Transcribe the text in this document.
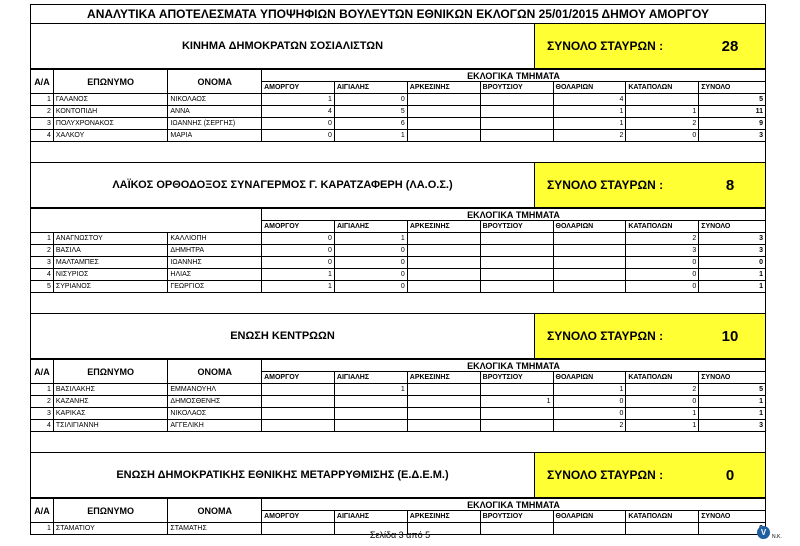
ΑΝΑΛΥΤΙΚΑ ΑΠΟΤΕΛΕΣΜΑΤΑ ΥΠΟΨΗΦΙΩΝ ΒΟΥΛΕΥΤΩΝ ΕΘΝΙΚΩΝ ΕΚΛΟΓΩΝ 25/01/2015 ΔΗΜΟΥ ΑΜΟΡΓΟΥ
ΚΙΝΗΜΑ ΔΗΜΟΚΡΑΤΩΝ ΣΟΣΙΑΛΙΣΤΩΝ	ΣΥΝΟΛΟ ΣΤΑΥΡΩΝ :	28
Α/Α	ΕΠΩΝΥΜΟ	ΟΝΟΜΑ	ΕΚΛΟΓΙΚΑ ΤΜΗΜΑΤΑ						
			ΑΜΟΡΓΟΥ	ΑΙΓΙΑΛΗΣ	ΑΡΚΕΣΙΝΗΣ	ΒΡΟΥΤΣΙΟΥ	ΘΟΛΑΡΙΩΝ	ΚΑΤΑΠΟΛΩΝ	ΣΥΝΟΛΟ
1	ΓΑΛΑΝΟΣ	ΝΙΚΟΛΑΟΣ	1	0			4		5
2	ΚΟΝΤΟΠΙΔΗ	ΑΝΝΑ	4	5			1	1	11
3	ΠΟΛΥΧΡΟΝΑΚΟΣ	ΙΩΑΝΝΗΣ (ΣΕΡΓΗΣ)	0	6			1	2	9
4	ΧΑΛΚΟΥ	ΜΑΡΙΑ	0	1			2	0	3
ΛΑΪΚΟΣ ΟΡΘΟΔΟΞΟΣ ΣΥΝΑΓΕΡΜΟΣ Γ. ΚΑΡΑΤΖΑΦΕΡΗ (ΛΑ.Ο.Σ.)	ΣΥΝΟΛΟ ΣΤΑΥΡΩΝ :	8
			ΕΚΛΟΓΙΚΑ ΤΜΗΜΑΤΑ						
			ΑΜΟΡΓΟΥ	ΑΙΓΙΑΛΗΣ	ΑΡΚΕΣΙΝΗΣ	ΒΡΟΥΤΣΙΟΥ	ΘΟΛΑΡΙΩΝ	ΚΑΤΑΠΟΛΩΝ	ΣΥΝΟΛΟ
1	ΑΝΑΓΝΩΣΤΟΥ	ΚΑΛΛΙΟΠΗ	0	1				2	3
2	ΒΑΣΙΛΑ	ΔΗΜΗΤΡΑ	0	0				3	3
3	ΜΑΛΤΑΜΠΕΣ	ΙΩΑΝΝΗΣ	0	0				0	0
4	ΝΙΣΥΡΙΟΣ	ΗΛΙΑΣ	1	0				0	1
5	ΣΥΡΙΑΝΟΣ	ΓΕΩΡΓΙΟΣ	1	0				0	1
ΕΝΩΣΗ ΚΕΝΤΡΩΩΝ	ΣΥΝΟΛΟ ΣΤΑΥΡΩΝ :	10
Α/Α	ΕΠΩΝΥΜΟ	ΟΝΟΜΑ	ΕΚΛΟΓΙΚΑ ΤΜΗΜΑΤΑ						
			ΑΜΟΡΓΟΥ	ΑΙΓΙΑΛΗΣ	ΑΡΚΕΣΙΝΗΣ	ΒΡΟΥΤΣΙΟΥ	ΘΟΛΑΡΙΩΝ	ΚΑΤΑΠΟΛΩΝ	ΣΥΝΟΛΟ
1	ΒΑΣΙΛΑΚΗΣ	ΕΜΜΑΝΟΥΗΛ		1			1	2	5
2	ΚΑΖΑΝΗΣ	ΔΗΜΟΣΘΕΝΗΣ				1	0	0	1
3	ΚΑΡΙΚΑΣ	ΝΙΚΟΛΑΟΣ					0	1	1
4	ΤΣΙΛΙΓΙΑΝΝΗ	ΑΓΓΕΛΙΚΗ					2	1	3
ΕΝΩΣΗ ΔΗΜΟΚΡΑΤΙΚΗΣ ΕΘΝΙΚΗΣ ΜΕΤΑΡΡΥΘΜΙΣΗΣ (Ε.Δ.Ε.Μ.)	ΣΥΝΟΛΟ ΣΤΑΥΡΩΝ :	0
Α/Α	ΕΠΩΝΥΜΟ	ΟΝΟΜΑ	ΕΚΛΟΓΙΚΑ ΤΜΗΜΑΤΑ						
			ΑΜΟΡΓΟΥ	ΑΙΓΙΑΛΗΣ	ΑΡΚΕΣΙΝΗΣ	ΒΡΟΥΤΣΙΟΥ	ΘΟΛΑΡΙΩΝ	ΚΑΤΑΠΟΛΩΝ	ΣΥΝΟΛΟ
1	ΣΤΑΜΑΤΙΟΥ	ΣΤΑΜΑΤΗΣ							
Σελίδα 3 από 5	V	N.K.
